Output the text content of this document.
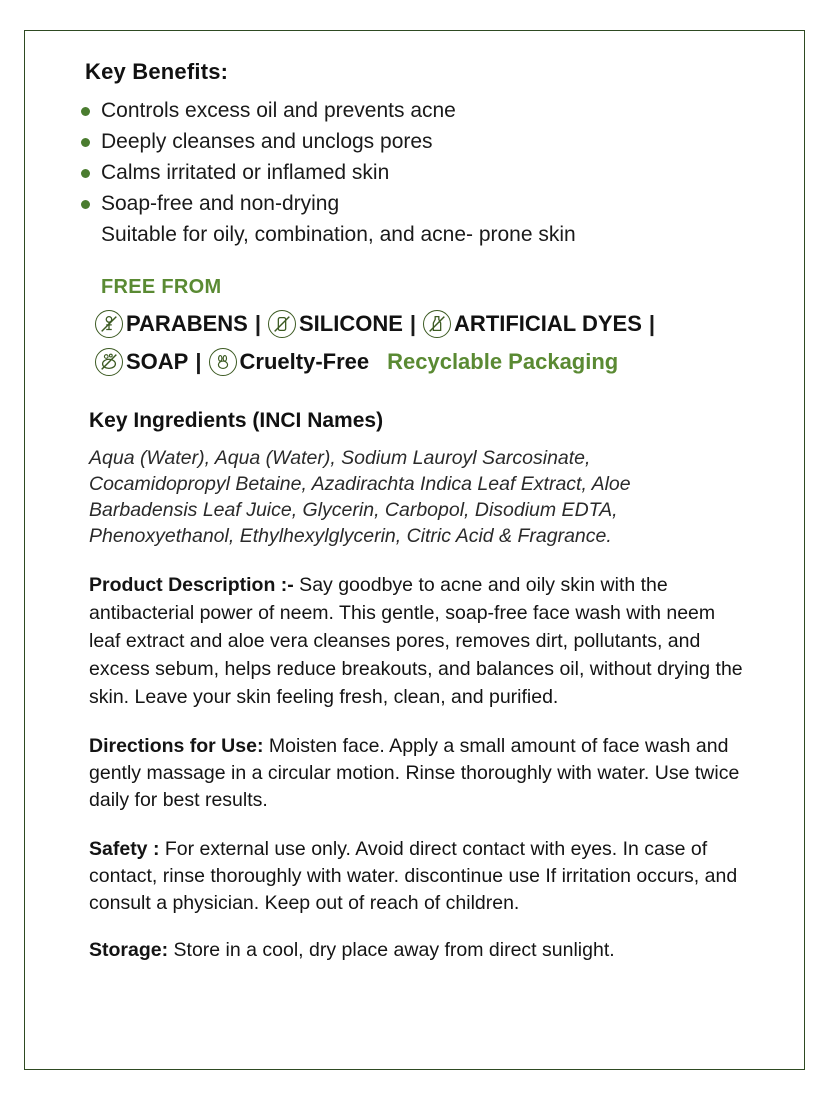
Key Benefits:
Controls excess oil and prevents acne
Deeply cleanses and unclogs pores
Calms irritated or inflamed skin
Soap-free and non-drying
Suitable for oily, combination, and acne- prone skin
FREE FROM
PARABENS | SILICONE | ARTIFICIAL DYES |
SOAP | Cruelty-Free Recyclable Packaging
Key Ingredients (INCI Names)

Aqua (Water), Aqua (Water), Sodium Lauroyl Sarcosinate, Cocamidopropyl Betaine, Azadirachta Indica Leaf Extract, Aloe Barbadensis Leaf Juice, Glycerin, Carbopol, Disodium EDTA, Phenoxyethanol, Ethylhexylglycerin, Citric Acid & Fragrance.

Product Description :- Say goodbye to acne and oily skin with the antibacterial power of neem. This gentle, soap-free face wash with neem leaf extract and aloe vera cleanses pores, removes dirt, pollutants, and excess sebum, helps reduce breakouts, and balances oil, without drying the skin. Leave your skin feeling fresh, clean, and purified.
Directions for Use: Moisten face. Apply a small amount of face wash and gently massage in a circular motion. Rinse thoroughly with water. Use twice daily for best results.
Safety : For external use only. Avoid direct contact with eyes. In case of contact, rinse thoroughly with water. discontinue use If irritation occurs, and consult a physician. Keep out of reach of children.
Storage: Store in a cool, dry place away from direct sunlight.
